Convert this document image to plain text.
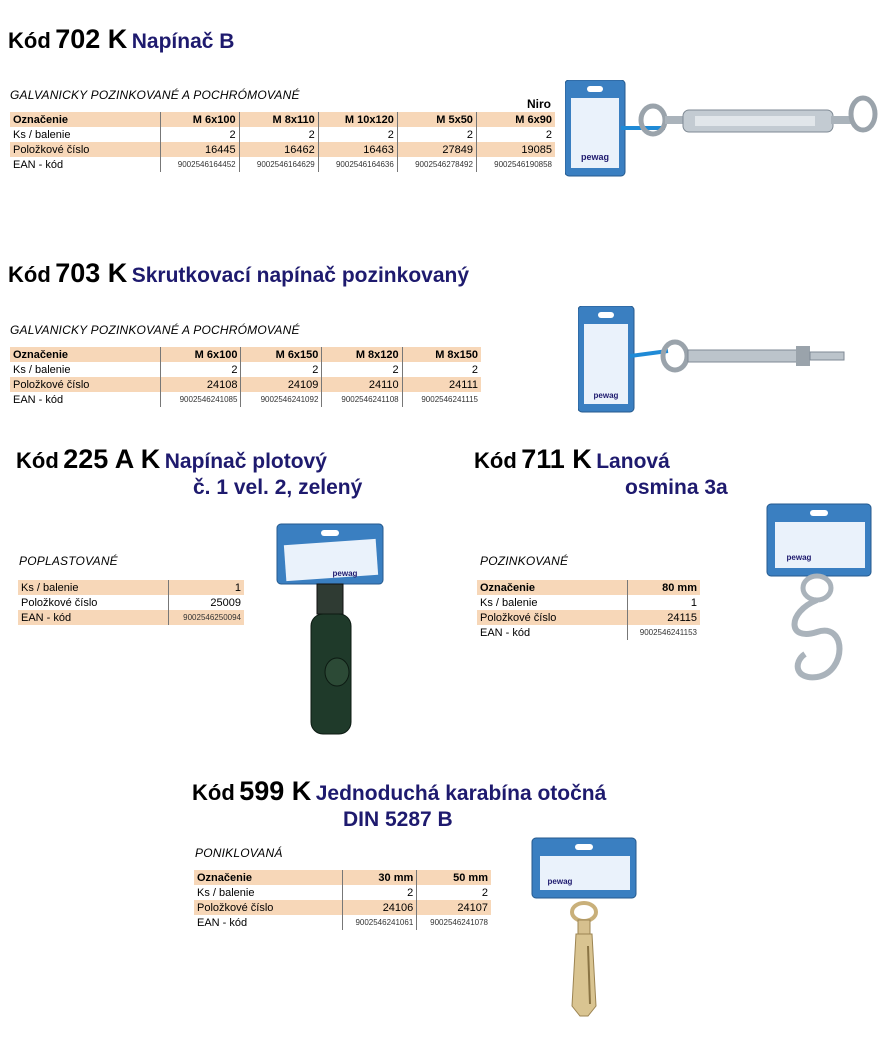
Kód 702 K Napínač B
GALVANICKY POZINKOVANÉ A POCHRÓMOVANÉ
Niro
Označenie	M 6x100	M 8x110	M 10x120	M 5x50	M 6x90
Ks / balenie	2	2	2	2	2
Položkové číslo	16445	16462	16463	27849	19085
EAN - kód	9002546164452	9002546164629	9002546164636	9002546278492	9002546190858
pewag
Kód 703 K Skrutkovací napínač pozinkovaný
GALVANICKY POZINKOVANÉ A POCHRÓMOVANÉ
Označenie	M 6x100	M 6x150	M 8x120	M 8x150
Ks / balenie	2	2	2	2
Položkové číslo	24108	24109	24110	24111
EAN - kód	9002546241085	9002546241092	9002546241108	9002546241115	pewag
Kód 225 A K Napínač plotový
č. 1 vel. 2, zelený
POPLASTOVANÉ
Ks / balenie	1
Položkové číslo	25009
EAN - kód	9002546250094
pewag
Kód 711 K Lanová
osmina 3a
POZINKOVANÉ
Označenie	80 mm
Ks / balenie	1
Položkové číslo	24115
EAN - kód	9002546241153
pewag
Kód 599 K Jednoduchá karabína otočná
DIN 5287 B
PONIKLOVANÁ
Označenie	30 mm	50 mm
Ks / balenie	2	2
Položkové číslo	24106	24107
EAN - kód	9002546241061	9002546241078
pewag
